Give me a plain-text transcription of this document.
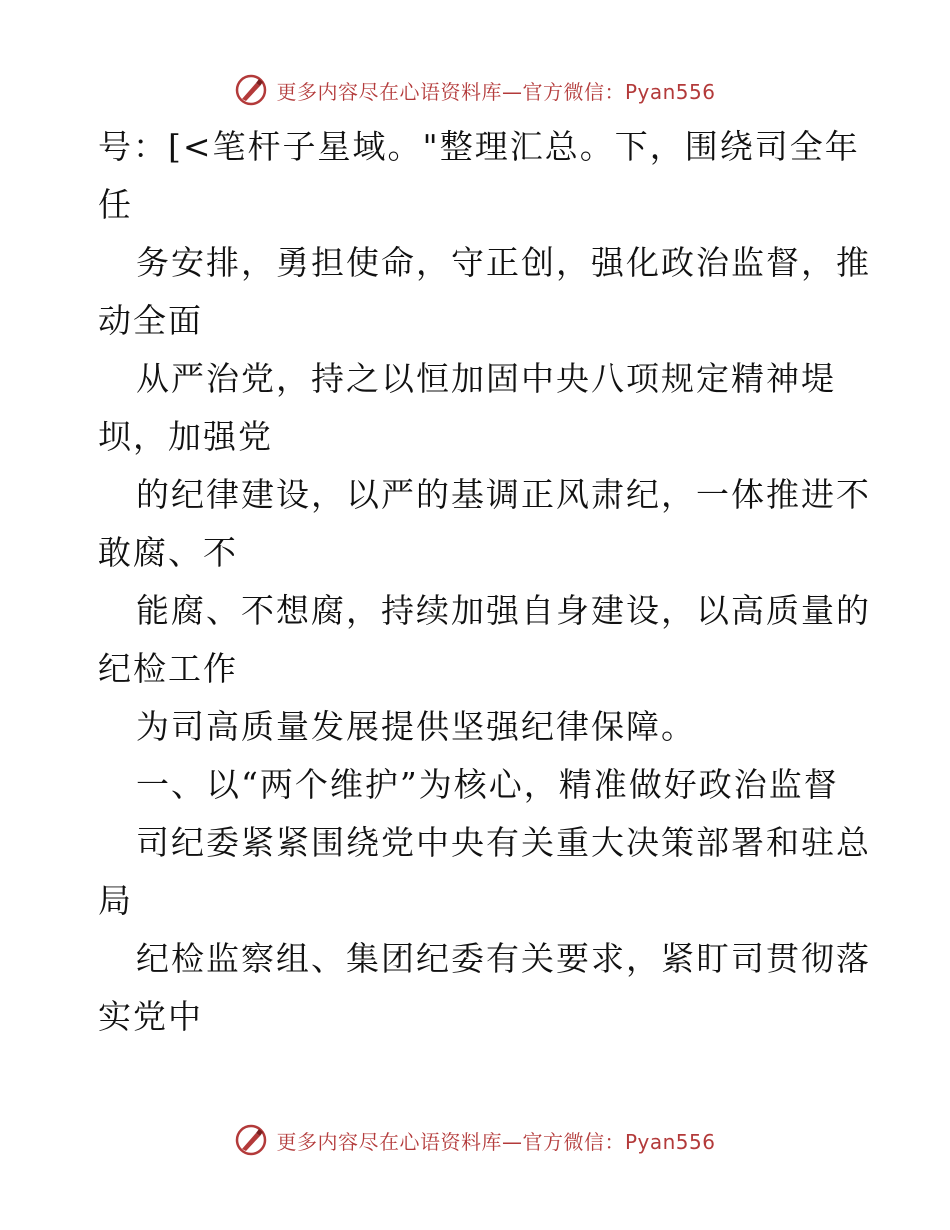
更多内容尽在心语资料库—官方微信：Pyan556
号：[<笔杆子星域。"整理汇总。下，围绕司全年
任
务安排，勇担使命，守正创，强化政治监督，推
动全面
从严治党，持之以恒加固中央八项规定精神堤
坝，加强党
的纪律建设，以严的基调正风肃纪，一体推进不
敢腐、不
能腐、不想腐，持续加强自身建设，以高质量的
纪检工作
为司高质量发展提供坚强纪律保障。
一、以“两个维护”为核心，精准做好政治监督
司纪委紧紧围绕党中央有关重大决策部署和驻总
局
纪检监察组、集团纪委有关要求，紧盯司贯彻落
实党中
更多内容尽在心语资料库—官方微信：Pyan556
